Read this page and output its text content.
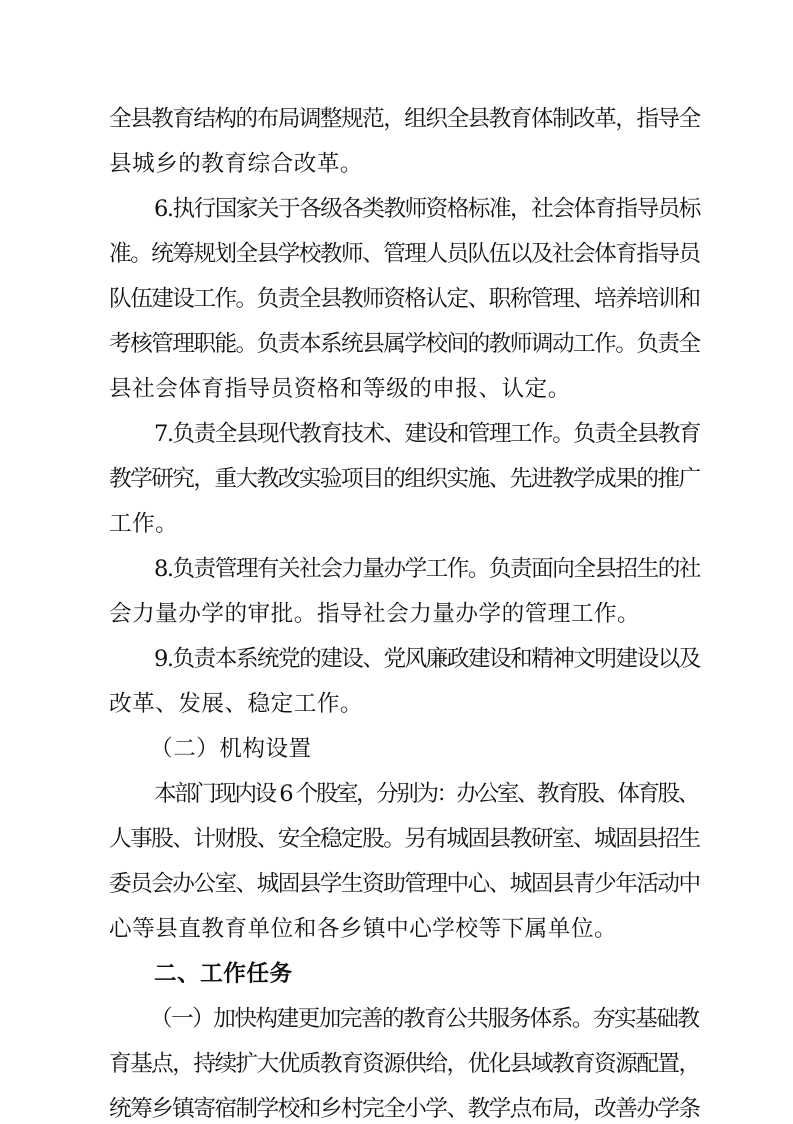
全县教育结构的布局调整规范，组织全县教育体制改革，指导全
县城乡的教育综合改革。
6.执行国家关于各级各类教师资格标准，社会体育指导员标
准。统筹规划全县学校教师、管理人员队伍以及社会体育指导员
队伍建设工作。负责全县教师资格认定、职称管理、培养培训和
考核管理职能。负责本系统县属学校间的教师调动工作。负责全
县社会体育指导员资格和等级的申报、认定。
7.负责全县现代教育技术、建设和管理工作。负责全县教育
教学研究，重大教改实验项目的组织实施、先进教学成果的推广
工作。
8.负责管理有关社会力量办学工作。负责面向全县招生的社
会力量办学的审批。指导社会力量办学的管理工作。
9.负责本系统党的建设、党风廉政建设和精神文明建设以及
改革、发展、稳定工作。
（二）机构设置
本部门现内设 6 个股室，分别为：办公室、教育股、体育股、
人事股、计财股、安全稳定股。另有城固县教研室、城固县招生
委员会办公室、城固县学生资助管理中心、城固县青少年活动中
心等县直教育单位和各乡镇中心学校等下属单位。
二、工作任务
（一）加快构建更加完善的教育公共服务体系。夯实基础教
育基点，持续扩大优质教育资源供给，优化县域教育资源配置，
统筹乡镇寄宿制学校和乡村完全小学、教学点布局，改善办学条
